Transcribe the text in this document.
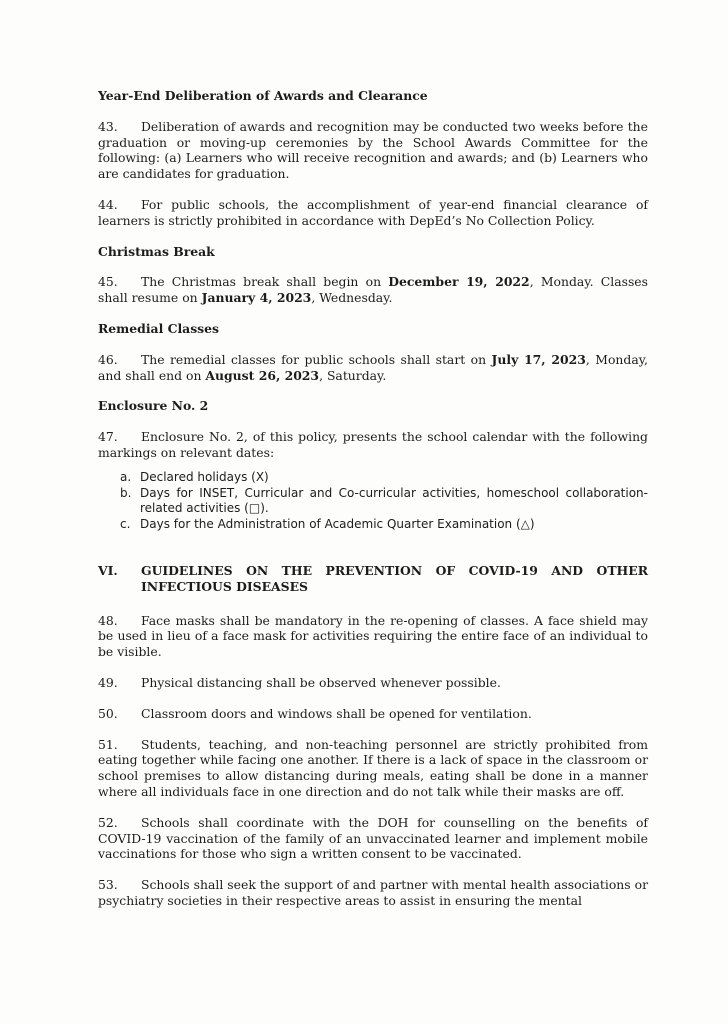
Year-End Deliberation of Awards and Clearance

43. Deliberation of awards and recognition may be conducted two weeks before the graduation or moving-up ceremonies by the School Awards Committee for the following: (a) Learners who will receive recognition and awards; and (b) Learners who are candidates for graduation.

44. For public schools, the accomplishment of year-end financial clearance of learners is strictly prohibited in accordance with DepEd’s No Collection Policy.

Christmas Break

45. The Christmas break shall begin on December 19, 2022, Monday. Classes shall resume on January 4, 2023, Wednesday.

Remedial Classes

46. The remedial classes for public schools shall start on July 17, 2023, Monday, and shall end on August 26, 2023, Saturday.

Enclosure No. 2

47. Enclosure No. 2, of this policy, presents the school calendar with the following markings on relevant dates:

a. Declared holidays (X)
b. Days for INSET, Curricular and Co-curricular activities, homeschool collaboration-related activities (□).
c. Days for the Administration of Academic Quarter Examination (△)
VI.	GUIDELINES ON THE PREVENTION OF COVID-19 AND OTHER
INFECTIOUS DISEASES

48. Face masks shall be mandatory in the re-opening of classes. A face shield may be used in lieu of a face mask for activities requiring the entire face of an individual to be visible.

49. Physical distancing shall be observed whenever possible.

50. Classroom doors and windows shall be opened for ventilation.

51. Students, teaching, and non-teaching personnel are strictly prohibited from eating together while facing one another. If there is a lack of space in the classroom or school premises to allow distancing during meals, eating shall be done in a manner where all individuals face in one direction and do not talk while their masks are off.

52. Schools shall coordinate with the DOH for counselling on the benefits of COVID-19 vaccination of the family of an unvaccinated learner and implement mobile vaccinations for those who sign a written consent to be vaccinated.

53. Schools shall seek the support of and partner with mental health associations or psychiatry societies in their respective areas to assist in ensuring the mental
